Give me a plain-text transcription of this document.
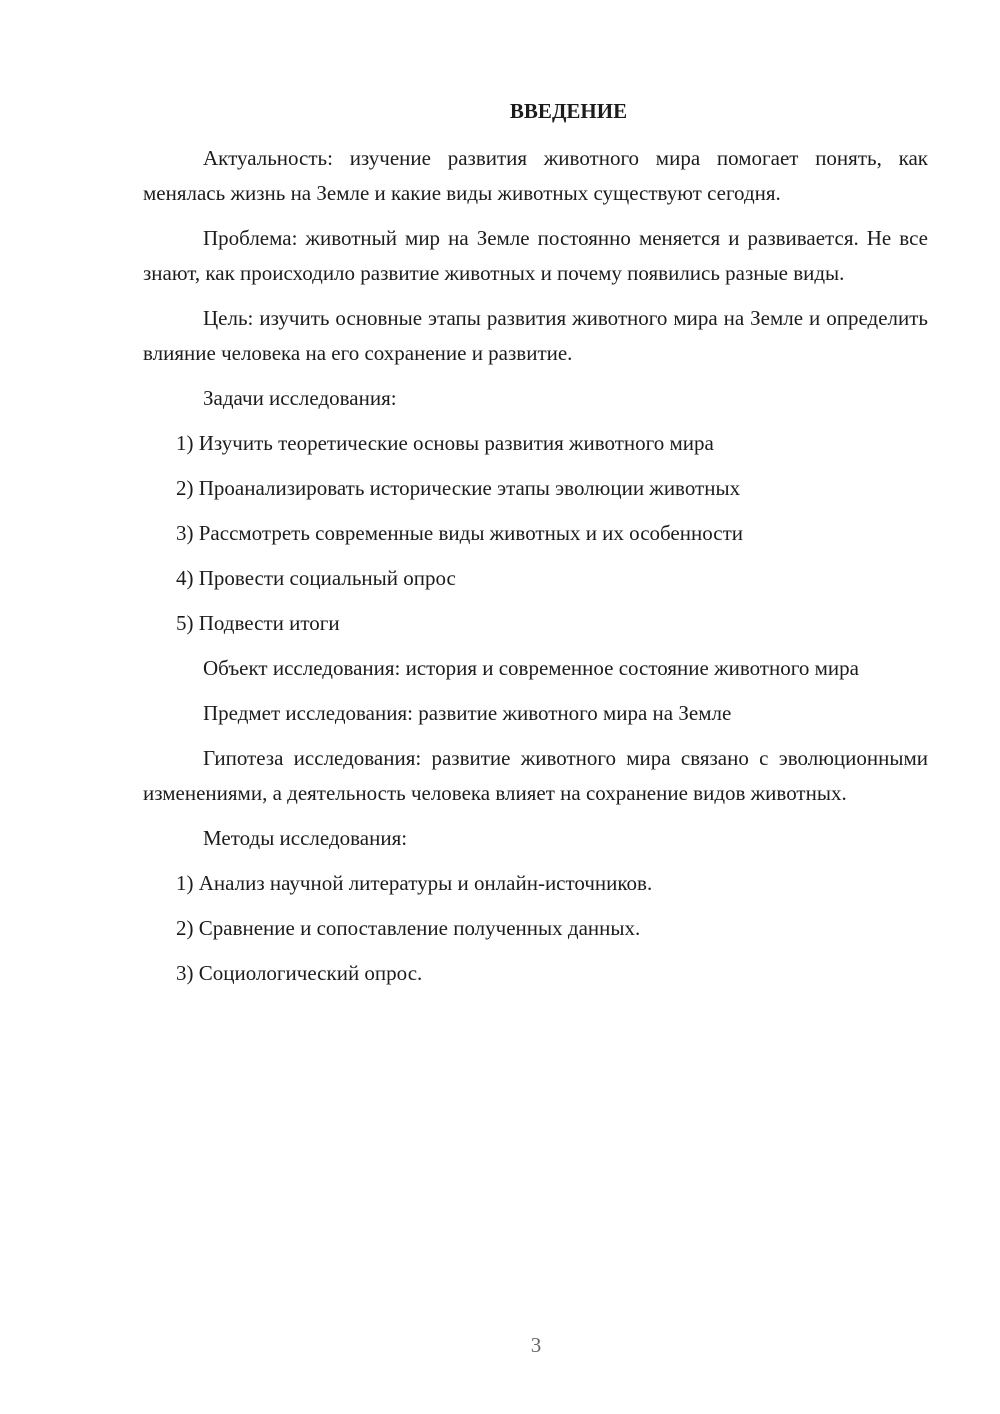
ВВЕДЕНИЕ
Актуальность: изучение развития животного мира помогает понять, как менялась жизнь на Земле и какие виды животных существуют сегодня.
Проблема: животный мир на Земле постоянно меняется и развивается. Не все знают, как происходило развитие животных и почему появились разные виды.
Цель: изучить основные этапы развития животного мира на Земле и определить влияние человека на его сохранение и развитие.
Задачи исследования:
1) Изучить теоретические основы развития животного мира
2) Проанализировать исторические этапы эволюции животных
3) Рассмотреть современные виды животных и их особенности
4) Провести социальный опрос
5) Подвести итоги
Объект исследования: история и современное состояние животного мира
Предмет исследования: развитие животного мира на Земле
Гипотеза исследования: развитие животного мира связано с эволюционными изменениями, а деятельность человека влияет на сохранение видов животных.
Методы исследования:
1) Анализ научной литературы и онлайн-источников.
2) Сравнение и сопоставление полученных данных.
3) Социологический опрос.
3
